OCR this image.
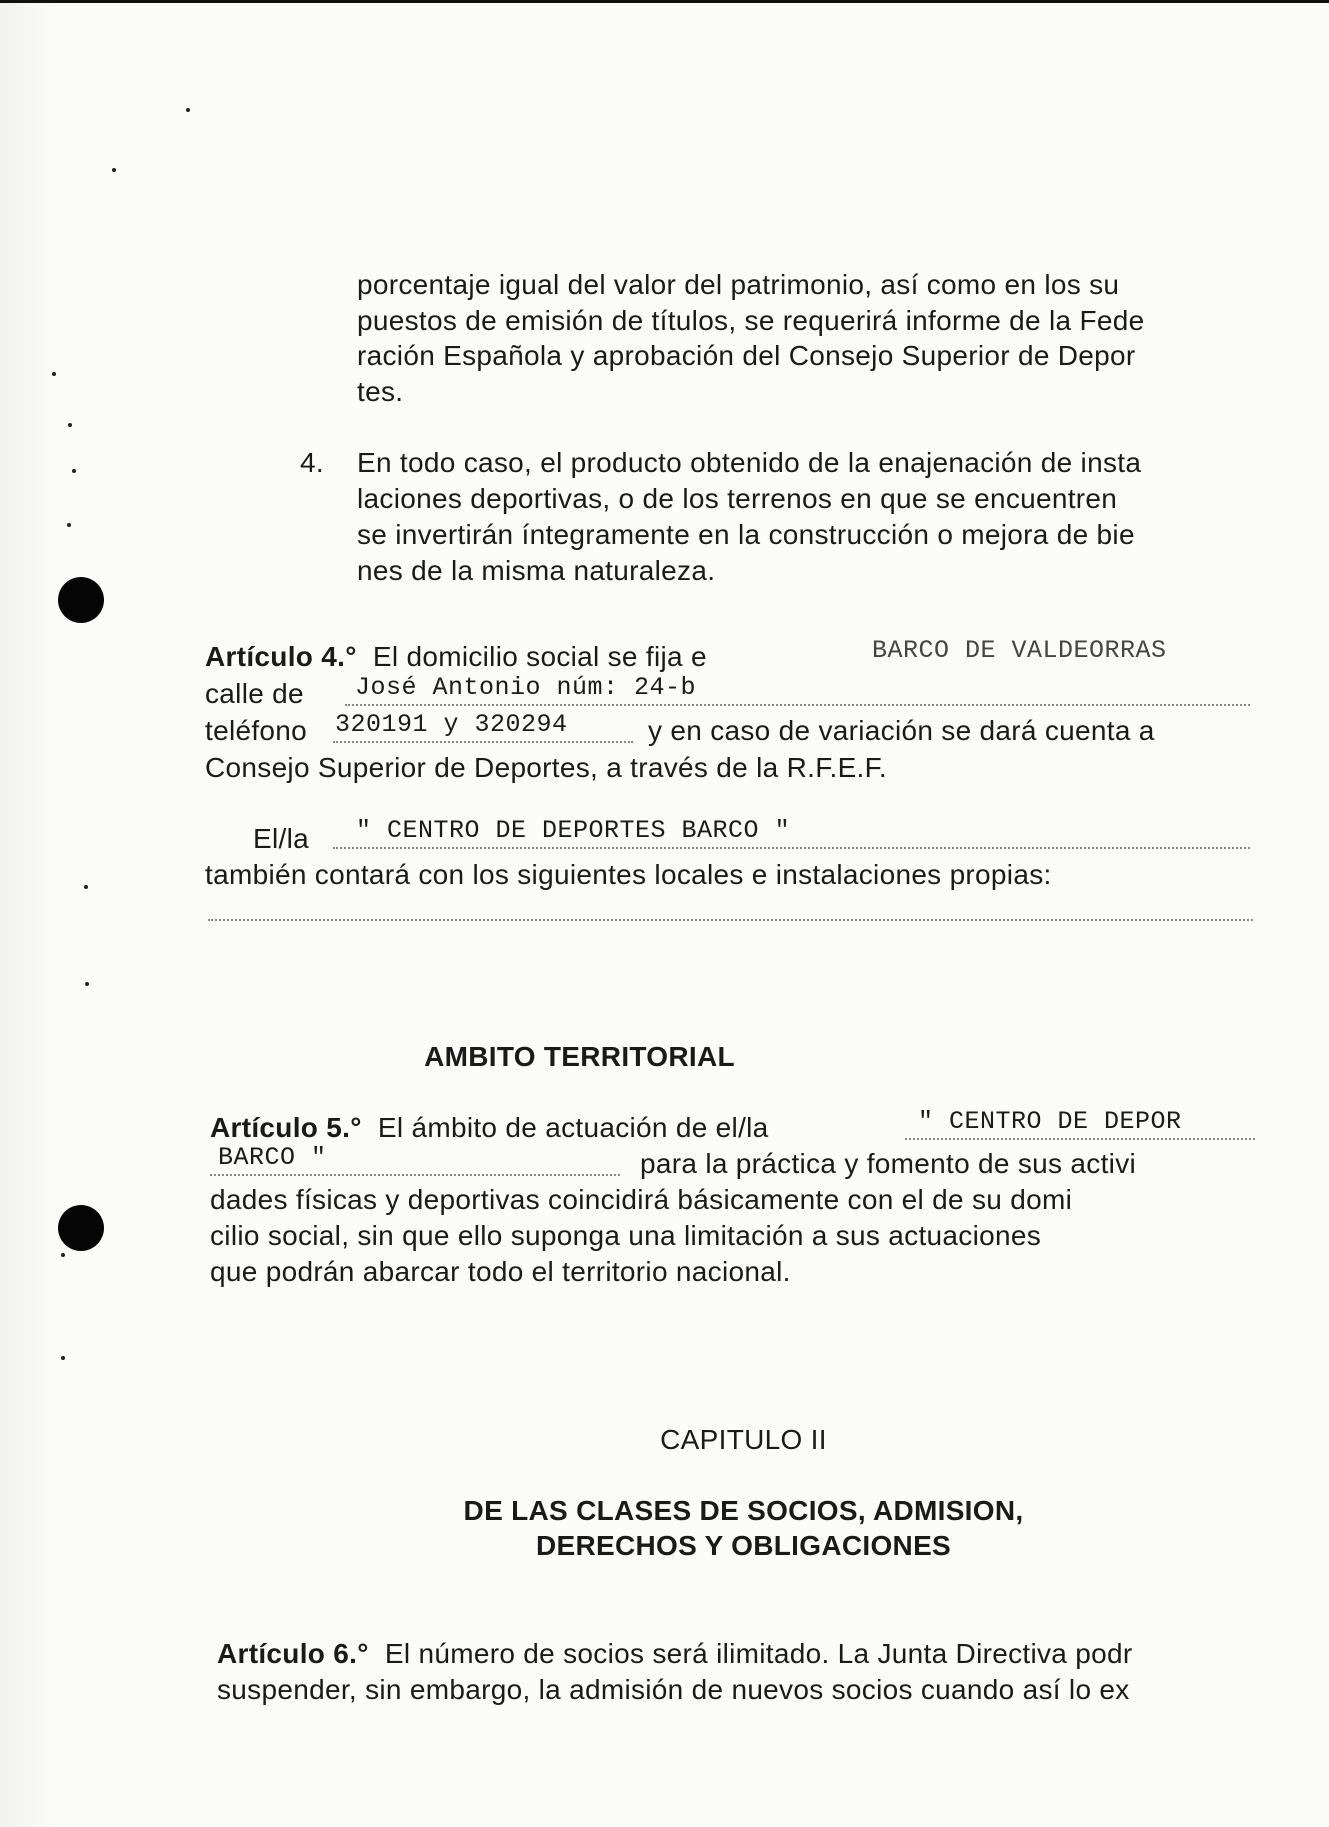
porcentaje igual del valor del patrimonio, así como en los su
puestos de emisión de títulos, se requerirá informe de la Fede
ración Española y aprobación del Consejo Superior de Depor
tes.
4. En todo caso, el producto obtenido de la enajenación de insta
laciones deportivas, o de los terrenos en que se encuentren
se invertirán íntegramente en la construcción o mejora de bie
nes de la misma naturaleza.
Artículo 4.° El domicilio social se fija e	BARCO DE VALDEORRAS
calle de José Antonio núm: 24-b
teléfono 320191 y 320294	y en caso de variación se dará cuenta a
Consejo Superior de Deportes, a través de la R.F.E.F.
El/la " CENTRO DE DEPORTES BARCO "
también contará con los siguientes locales e instalaciones propias:
AMBITO TERRITORIAL
Artículo 5.° El ámbito de actuación de el/la	" CENTRO DE DEPOR
BARCO "	para la práctica y fomento de sus activi
dades físicas y deportivas coincidirá básicamente con el de su domi
cilio social, sin que ello suponga una limitación a sus actuaciones
que podrán abarcar todo el territorio nacional.
CAPITULO II
DE LAS CLASES DE SOCIOS, ADMISION,
DERECHOS Y OBLIGACIONES
Artículo 6.° El número de socios será ilimitado. La Junta Directiva podr
suspender, sin embargo, la admisión de nuevos socios cuando así lo ex
